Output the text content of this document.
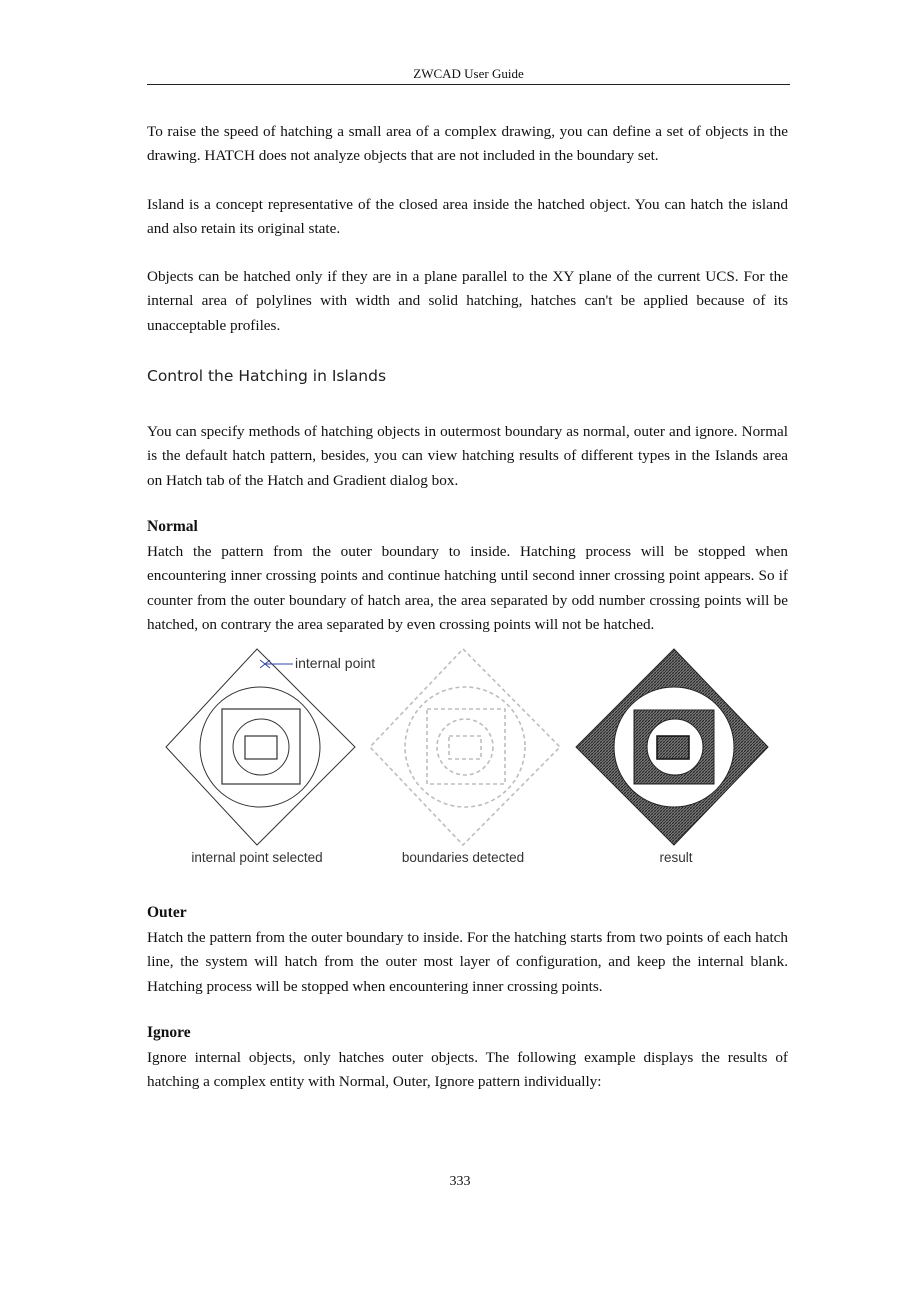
ZWCAD User Guide

To raise the speed of hatching a small area of a complex drawing, you can define a set of objects in the drawing. HATCH does not analyze objects that are not included in the boundary set.

Island is a concept representative of the closed area inside the hatched object. You can hatch the island and also retain its original state.

Objects can be hatched only if they are in a plane parallel to the XY plane of the current UCS. For the internal area of polylines with width and solid hatching, hatches can't be applied because of its unacceptable profiles.

Control the Hatching in Islands

You can specify methods of hatching objects in outermost boundary as normal, outer and ignore. Normal is the default hatch pattern, besides, you can view hatching results of different types in the Islands area on Hatch tab of the Hatch and Gradient dialog box.

Normal

Hatch the pattern from the outer boundary to inside. Hatching process will be stopped when encountering inner crossing points and continue hatching until second inner crossing point appears. So if counter from the outer boundary of hatch area, the area separated by odd number crossing points will be hatched, on contrary the area separated by even crossing points will not be hatched.

internal point
internal point selected	boundaries detected	result
Outer

Hatch the pattern from the outer boundary to inside. For the hatching starts from two points of each hatch line, the system will hatch from the outer most layer of configuration, and keep the internal blank. Hatching process will be stopped when encountering inner crossing points.

Ignore

Ignore internal objects, only hatches outer objects. The following example displays the results of hatching a complex entity with Normal, Outer, Ignore pattern individually:

333
